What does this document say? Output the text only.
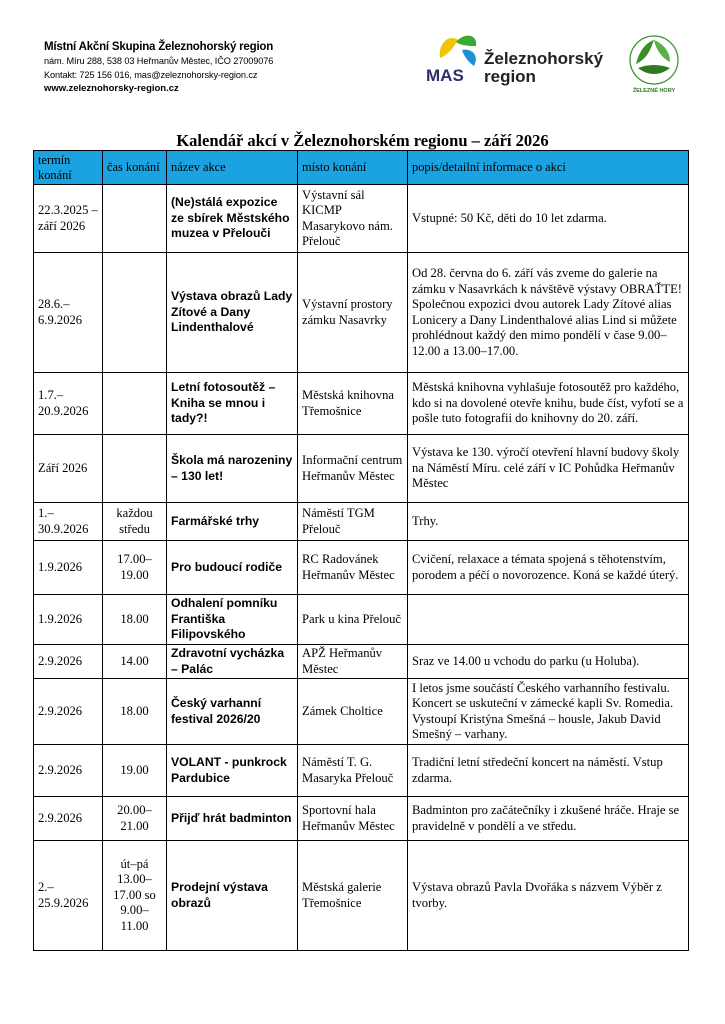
Místní Akční Skupina Železnohorský region
nám. Míru 288, 538 03 Heřmanův Městec, IČO 27009076
Kontakt: 725 156 016, mas@zeleznohorsky-region.cz
www.zeleznohorsky-region.cz
MAS
Železnohorský
region
ŽELEZNÉ HORY
Kalendář akcí v Železnohorském regionu – září 2026
termín konání	čas konání	název akce	místo konání	popis/detailní informace o akci
22.3.2025 – září 2026		(Ne)stálá expozice ze sbírek Městského muzea v Přelouči	Výstavní sál KICMP Masarykovo nám. Přelouč	Vstupné: 50 Kč, děti do 10 let zdarma.
28.6.– 6.9.2026		Výstava obrazů Lady Zítové a Dany Lindenthalové	Výstavní prostory zámku Nasavrky	Od 28. června do 6. září vás zveme do galerie na zámku v Nasavrkách k návštěvě výstavy OBRAŤTE! Společnou expozici dvou autorek Lady Zítové alias Lonicery a Dany Lindenthalové alias Lind si můžete prohlédnout každý den mimo pondělí v čase 9.00–12.00 a 13.00–17.00.
1.7.– 20.9.2026		Letní fotosoutěž – Kniha se mnou i tady?!	Městská knihovna Třemošnice	Městská knihovna vyhlašuje fotosoutěž pro každého, kdo si na dovolené otevře knihu, bude číst, vyfotí se a pošle tuto fotografii do knihovny do 20. září.
Září 2026		Škola má narozeniny – 130 let!	Informační centrum Heřmanův Městec	Výstava ke 130. výročí otevření hlavní budovy školy na Náměstí Míru. celé září v IC Pohůdka Heřmanův Městec
1.– 30.9.2026	každou středu	Farmářské trhy	Náměstí TGM Přelouč	Trhy.
1.9.2026	17.00– 19.00	Pro budoucí rodiče	RC Radovánek Heřmanův Městec	Cvičení, relaxace a témata spojená s těhotenstvím, porodem a péčí o novorozence. Koná se každé úterý.
1.9.2026	18.00	Odhalení pomníku Františka Filipovského	Park u kina Přelouč	
2.9.2026	14.00	Zdravotní vycházka – Palác	APŽ Heřmanův Městec	Sraz ve 14.00 u vchodu do parku (u Holuba).
2.9.2026	18.00	Český varhanní festival 2026/20	Zámek Choltice	I letos jsme součástí Českého varhanního festivalu. Koncert se uskuteční v zámecké kapli Sv. Romedia. Vystoupí Kristýna Smešná – housle, Jakub David Smešný – varhany.
2.9.2026	19.00	VOLANT - punkrock Pardubice	Náměstí T. G. Masaryka Přelouč	Tradiční letní středeční koncert na náměstí. Vstup zdarma.
2.9.2026	20.00– 21.00	Přijď hrát badminton	Sportovní hala Heřmanův Městec	Badminton pro začátečníky i zkušené hráče. Hraje se pravidelně v pondělí a ve středu.
2.– 25.9.2026	út–pá 13.00– 17.00 so 9.00– 11.00	Prodejní výstava obrazů	Městská galerie Třemošnice	Výstava obrazů Pavla Dvořáka s názvem Výběr z tvorby.
